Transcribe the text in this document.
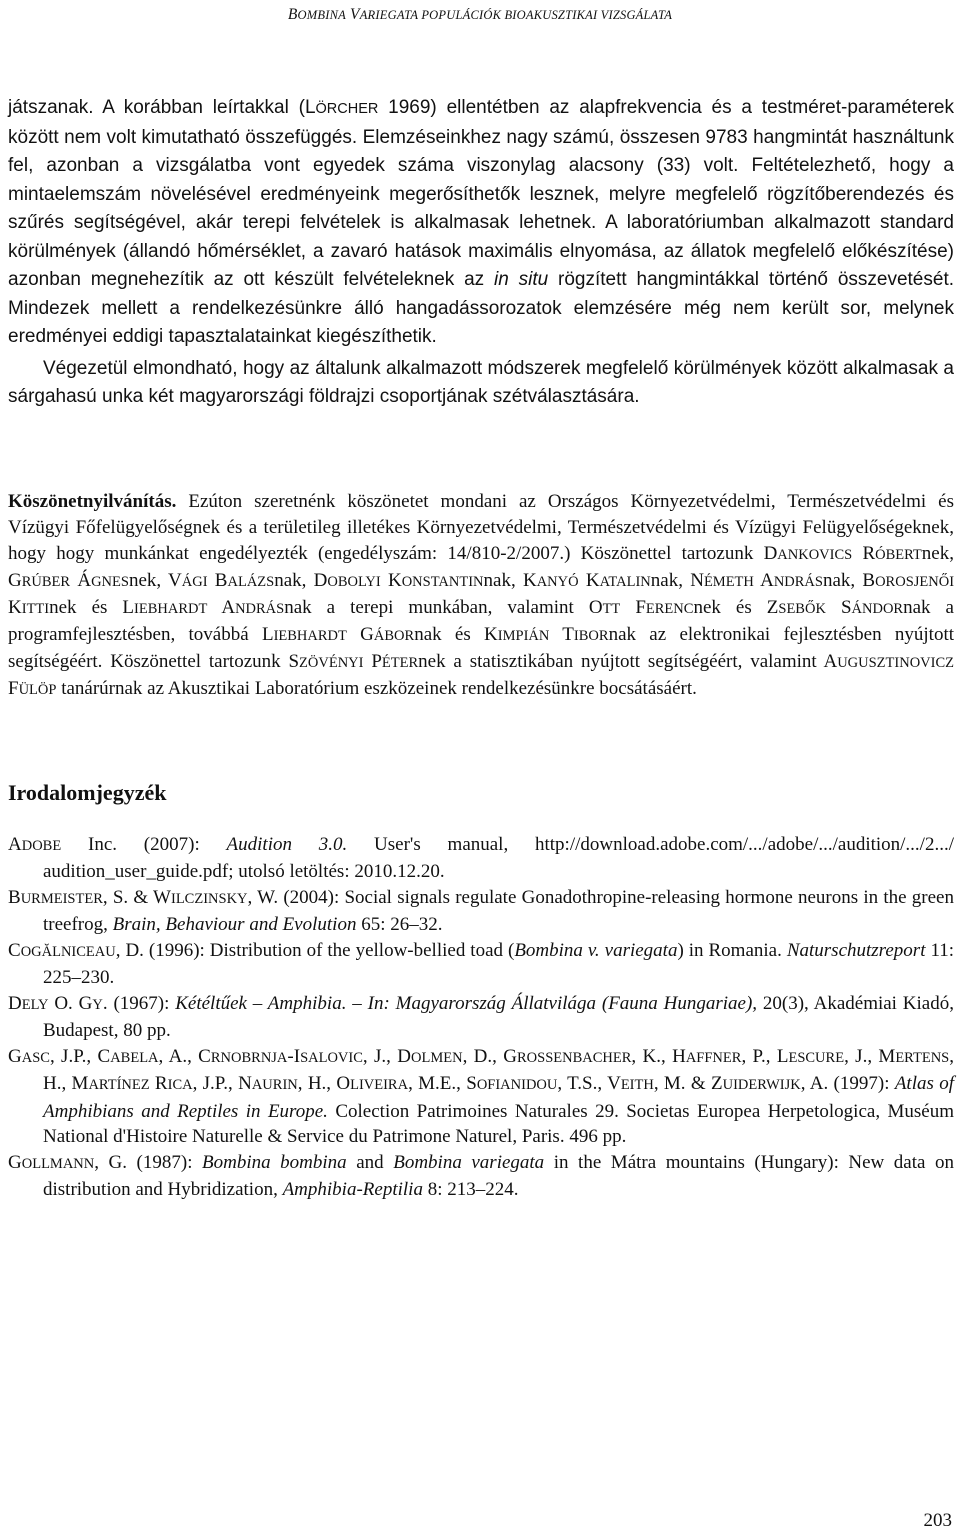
BOMBINA VARIEGATA POPULÁCIÓK BIOAKUSZTIKAI VIZSGÁLATA

játszanak. A korábban leírtakkal (LÖRCHER 1969) ellentétben az alapfrekvencia és a testméret-paraméterek között nem volt kimutatható összefüggés. Elemzéseinkhez nagy számú, összesen 9783 hangmintát használtunk fel, azonban a vizsgálatba vont egyedek száma viszonylag alacsony (33) volt. Feltételezhető, hogy a mintaelemszám növelésével eredményeink megerősíthetők lesznek, melyre megfelelő rögzítőberendezés és szűrés segítségével, akár terepi felvételek is alkalmasak lehetnek. A laboratóriumban alkalmazott standard körülmények (állandó hőmérséklet, a zavaró hatások maximális elnyomása, az állatok megfelelő előkészítése) azonban megnehezítik az ott készült felvételeknek az in situ rögzített hangmintákkal történő összevetését. Mindezek mellett a rendelkezésünkre álló hangadássorozatok elemzésére még nem került sor, melynek eredményei eddigi tapasztalatainkat kiegészíthetik.

Végezetül elmondható, hogy az általunk alkalmazott módszerek megfelelő körülmények között alkalmasak a sárgahasú unka két magyarországi földrajzi csoportjának szétválasztására.

Köszönetnyilvánítás. Ezúton szeretnénk köszönetet mondani az Országos Környezetvédelmi, Természetvédelmi és Vízügyi Főfelügyelőségnek és a területileg illetékes Környezetvédelmi, Természetvédelmi és Vízügyi Felügyelőségeknek, hogy hogy munkánkat engedélyezték (engedélyszám: 14/810-2/2007.) Köszönettel tartozunk DANKOVICS RÓBERTnek, GRÚBER ÁGNESnek, VÁGI BALÁZSnak, DOBOLYI KONSTANTINnak, KANYÓ KATALINnak, NÉMETH ANDRÁSnak, BOROSJENŐI KITTInek és LIEBHARDT ANDRÁSnak a terepi munkában, valamint OTT FERENCnek és ZSEBŐK SÁNDORnak a programfejlesztésben, továbbá LIEBHARDT GÁBORnak és KIMPIÁN TIBORnak az elektronikai fejlesztésben nyújtott segítségéért. Köszönettel tartozunk SZÖVÉNYI PÉTERnek a statisztikában nyújtott segítségéért, valamint AUGUSZTINOVICZ FÜLÖP tanárúrnak az Akusztikai Laboratórium eszközeinek rendelkezésünkre bocsátásáért.

Irodalomjegyzék

ADOBE Inc. (2007): Audition 3.0. User's manual, http://download.adobe.com/.../adobe/.../audition/.../2.../ audition_user_guide.pdf; utolsó letöltés: 2010.12.20.

BURMEISTER, S. & WILCZINSKY, W. (2004): Social signals regulate Gonadothropine-releasing hormone neurons in the green treefrog, Brain, Behaviour and Evolution 65: 26–32.

COGĂLNICEAU, D. (1996): Distribution of the yellow-bellied toad (Bombina v. variegata) in Romania. Naturschutzreport 11: 225–230.

DELY O. GY. (1967): Kétéltűek – Amphibia. – In: Magyarország Állatvilága (Fauna Hungariae), 20(3), Akadémiai Kiadó, Budapest, 80 pp.

GASC, J.P., CABELA, A., CRNOBRNJA-ISALOVIC, J., DOLMEN, D., GROSSENBACHER, K., HAFFNER, P., LESCURE, J., MERTENS, H., MARTÍNEZ RICA, J.P., NAURIN, H., OLIVEIRA, M.E., SOFIANIDOU, T.S., VEITH, M. & ZUIDERWIJK, A. (1997): Atlas of Amphibians and Reptiles in Europe. Colection Patrimoines Naturales 29. Societas Europea Herpetologica, Muséum National d'Histoire Naturelle & Service du Patrimone Naturel, Paris. 496 pp.

GOLLMANN, G. (1987): Bombina bombina and Bombina variegata in the Mátra mountains (Hungary): New data on distribution and Hybridization, Amphibia-Reptilia 8: 213–224.

203
